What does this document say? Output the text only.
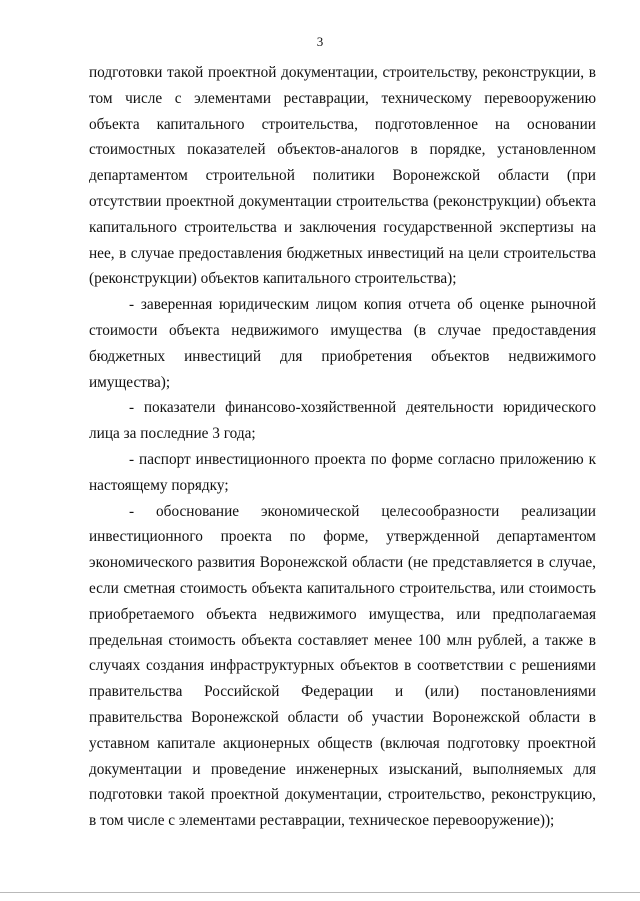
3

подготовки такой проектной документации, строительству, реконструкции, в том числе с элементами реставрации, техническому перевооружению объекта капитального строительства, подготовленное на основании стоимостных показателей объектов-аналогов в порядке, установленном департаментом строительной политики Воронежской области (при отсутствии проектной документации строительства (реконструкции) объекта капитального строительства и заключения государственной экспертизы на нее, в случае предоставления бюджетных инвестиций на цели строительства (реконструкции) объектов капитального строительства);

- заверенная юридическим лицом копия отчета об оценке рыночной стоимости объекта недвижимого имущества (в случае предоставдения бюджетных инвестиций для приобретения объектов недвижимого имущества);

- показатели финансово-хозяйственной деятельности юридического лица за последние 3 года;

- паспорт инвестиционного проекта по форме согласно приложению к настоящему порядку;

- обоснование экономической целесообразности реализации инвестиционного проекта по форме, утвержденной департаментом экономического развития Воронежской области (не представляется в случае, если сметная стоимость объекта капитального строительства, или стоимость приобретаемого объекта недвижимого имущества, или предполагаемая предельная стоимость объекта составляет менее 100 млн рублей, а также в случаях создания инфраструктурных объектов в соответствии с решениями правительства Российской Федерации и (или) постановлениями правительства Воронежской области об участии Воронежской области в уставном капитале акционерных обществ (включая подготовку проектной документации и проведение инженерных изысканий, выполняемых для подготовки такой проектной документации, строительство, реконструкцию, в том числе с элементами реставрации, техническое перевооружение));
